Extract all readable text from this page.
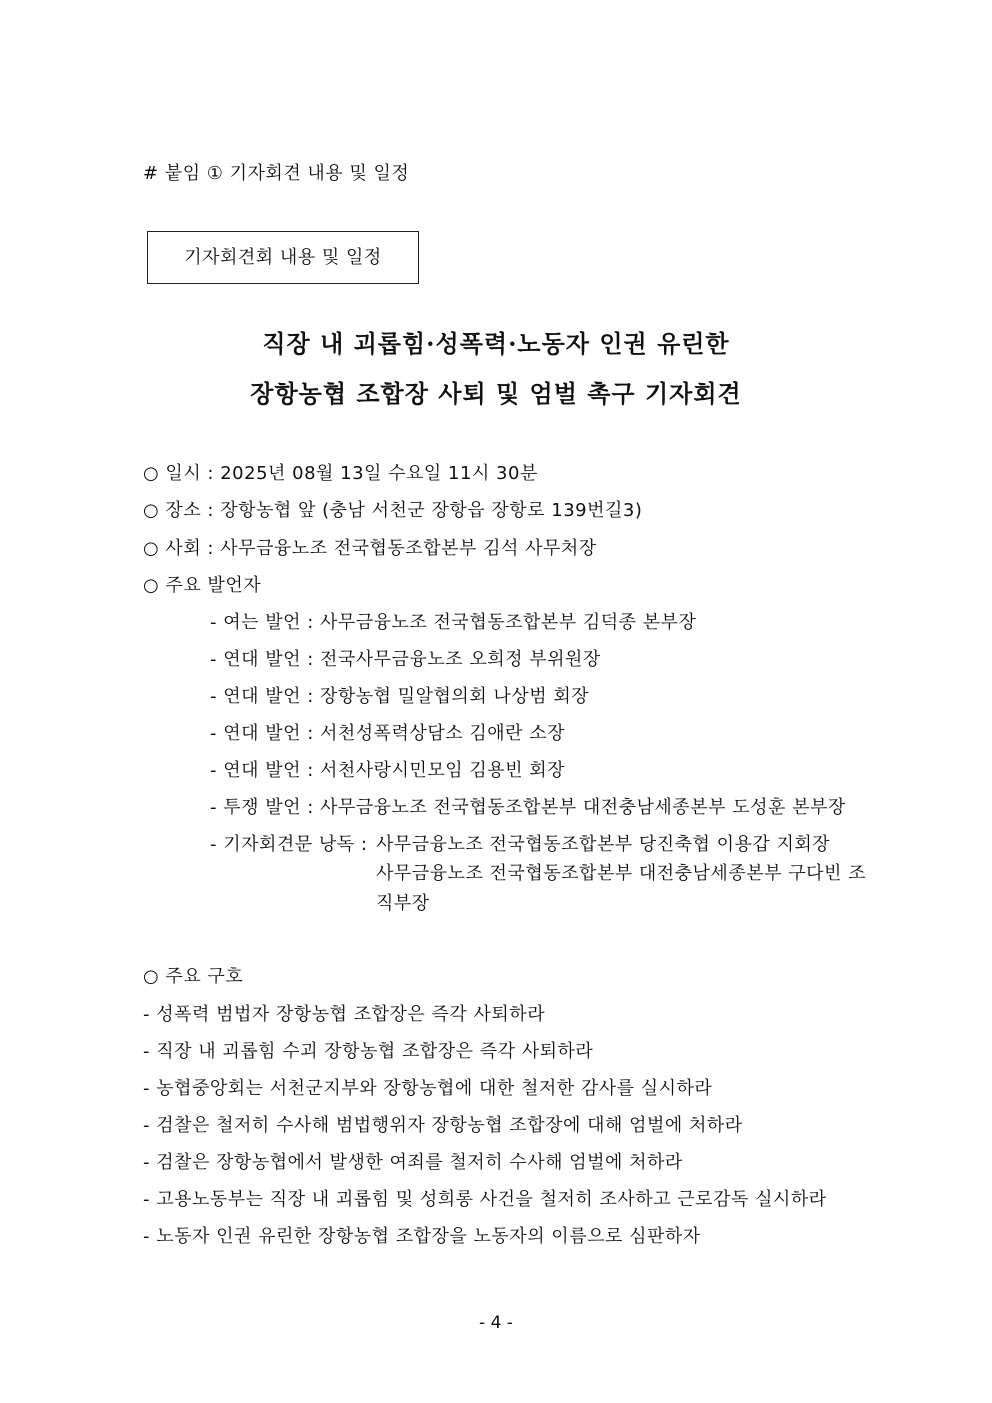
# 붙임 ① 기자회견 내용 및 일정
기자회견회 내용 및 일정
직장 내 괴롭힘·성폭력·노동자 인권 유린한
장항농협 조합장 사퇴 및 엄벌 촉구 기자회견
○ 일시 : 2025년 08월 13일 수요일 11시 30분
○ 장소 : 장항농협 앞 (충남 서천군 장항읍 장항로 139번길3)
○ 사회 : 사무금융노조 전국협동조합본부 김석 사무처장
○ 주요 발언자
- 여는 발언 : 사무금융노조 전국협동조합본부 김덕종 본부장
- 연대 발언 : 전국사무금융노조 오희정 부위원장
- 연대 발언 : 장항농협 밀알협의회 나상범 회장
- 연대 발언 : 서천성폭력상담소 김애란 소장
- 연대 발언 : 서천사랑시민모임 김용빈 회장
- 투쟁 발언 : 사무금융노조 전국협동조합본부 대전충남세종본부 도성훈 본부장
- 기자회견문 낭독 : 사무금융노조 전국협동조합본부 당진축협 이용갑 지회장
사무금융노조 전국협동조합본부 대전충남세종본부 구다빈 조
직부장
○ 주요 구호
- 성폭력 범법자 장항농협 조합장은 즉각 사퇴하라
- 직장 내 괴롭힘 수괴 장항농협 조합장은 즉각 사퇴하라
- 농협중앙회는 서천군지부와 장항농협에 대한 철저한 감사를 실시하라
- 검찰은 철저히 수사해 범법행위자 장항농협 조합장에 대해 엄벌에 처하라
- 검찰은 장항농협에서 발생한 여죄를 철저히 수사해 엄벌에 처하라
- 고용노동부는 직장 내 괴롭힘 및 성희롱 사건을 철저히 조사하고 근로감독 실시하라
- 노동자 인권 유린한 장항농협 조합장을 노동자의 이름으로 심판하자
- 4 -
